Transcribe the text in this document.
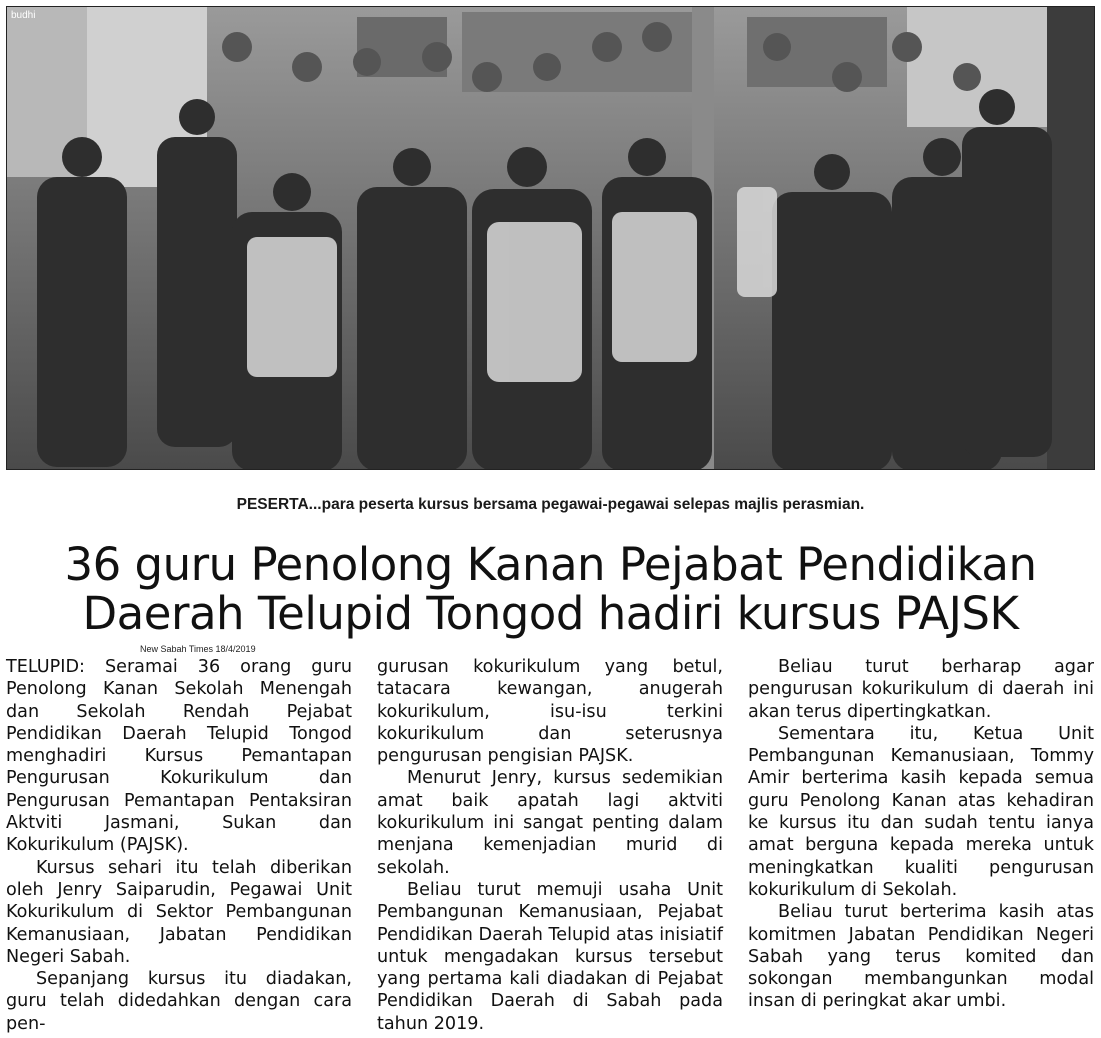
budhi
PESERTA...para peserta kursus bersama pegawai-pegawai selepas majlis perasmian.
36 guru Penolong Kanan Pejabat Pendidikan
Daerah Telupid Tongod hadiri kursus PAJSK
New Sabah Times 18/4/2019

TELUPID: Seramai 36 orang guru Penolong Kanan Sekolah Menengah dan Sekolah Rendah Pejabat Pendidikan Daerah Telupid Tongod menghadiri Kursus Pemantapan Pengurusan Kokurikulum dan Pengurusan Pemantapan Pentaksiran Aktviti Jasmani, Sukan dan Kokurikulum (PAJSK).

Kursus sehari itu telah diberikan oleh Jenry Saiparudin, Pegawai Unit Kokurikulum di Sektor Pembangunan Kemanusiaan, Jabatan Pendidikan Negeri Sabah.

Sepanjang kursus itu diadakan, guru telah didedahkan dengan cara pen-

gurusan kokurikulum yang betul, tatacara kewangan, anugerah kokurikulum, isu-isu terkini kokurikulum dan seterusnya pengurusan pengisian PAJSK.

Menurut Jenry, kursus sedemikian amat baik apatah lagi aktviti kokurikulum ini sangat penting dalam menjana kemenjadian murid di sekolah.

Beliau turut memuji usaha Unit Pembangunan Kemanusiaan, Pejabat Pendidikan Daerah Telupid atas inisiatif untuk mengadakan kursus tersebut yang pertama kali diadakan di Pejabat Pendidikan Daerah di Sabah pada tahun 2019.

Beliau turut berharap agar pengurusan kokurikulum di daerah ini akan terus dipertingkatkan.

Sementara itu, Ketua Unit Pembangunan Kemanusiaan, Tommy Amir berterima kasih kepada semua guru Penolong Kanan atas kehadiran ke kursus itu dan sudah tentu ianya amat berguna kepada mereka untuk meningkatkan kualiti pengurusan kokurikulum di Sekolah.

Beliau turut berterima kasih atas komitmen Jabatan Pendidikan Negeri Sabah yang terus komited dan sokongan membangunkan modal insan di peringkat akar umbi.
